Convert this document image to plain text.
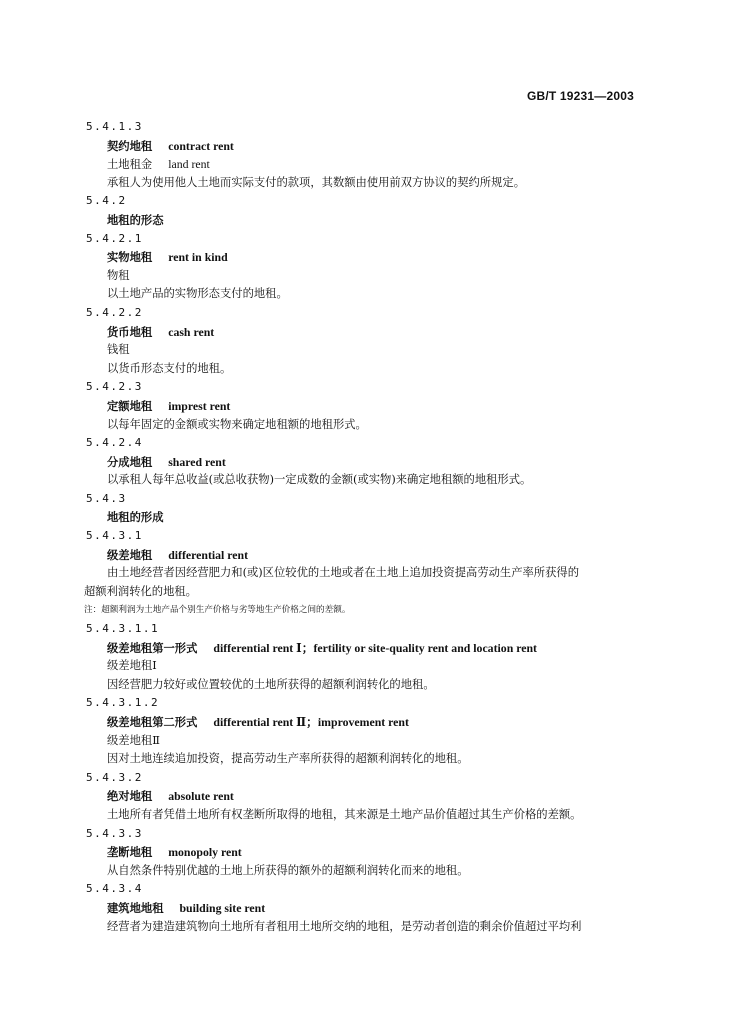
GB/T 19231—2003
5.4.1.3
契约地租 contract rent
土地租金 land rent
承租人为使用他人土地而实际支付的款项，其数额由使用前双方协议的契约所规定。
5.4.2
地租的形态
5.4.2.1
实物地租 rent in kind
物租
以土地产品的实物形态支付的地租。
5.4.2.2
货币地租 cash rent
钱租
以货币形态支付的地租。
5.4.2.3
定额地租 imprest rent
以每年固定的金额或实物来确定地租额的地租形式。
5.4.2.4
分成地租 shared rent
以承租人每年总收益(或总收获物)一定成数的金额(或实物)来确定地租额的地租形式。
5.4.3
地租的形成
5.4.3.1
级差地租 differential rent
由土地经营者因经营肥力和(或)区位较优的土地或者在土地上追加投资提高劳动生产率所获得的
超额利润转化的地租。
注：超额利润为土地产品个别生产价格与劣等地生产价格之间的差额。
5.4.3.1.1
级差地租第一形式 differential rent Ⅰ；fertility or site-quality rent and location rent
级差地租Ⅰ
因经营肥力较好或位置较优的土地所获得的超额利润转化的地租。
5.4.3.1.2
级差地租第二形式 differential rent Ⅱ；improvement rent
级差地租Ⅱ
因对土地连续追加投资，提高劳动生产率所获得的超额利润转化的地租。
5.4.3.2
绝对地租 absolute rent
土地所有者凭借土地所有权垄断所取得的地租，其来源是土地产品价值超过其生产价格的差额。
5.4.3.3
垄断地租 monopoly rent
从自然条件特别优越的土地上所获得的额外的超额利润转化而来的地租。
5.4.3.4
建筑地地租 building site rent
经营者为建造建筑物向土地所有者租用土地所交纳的地租，是劳动者创造的剩余价值超过平均利
